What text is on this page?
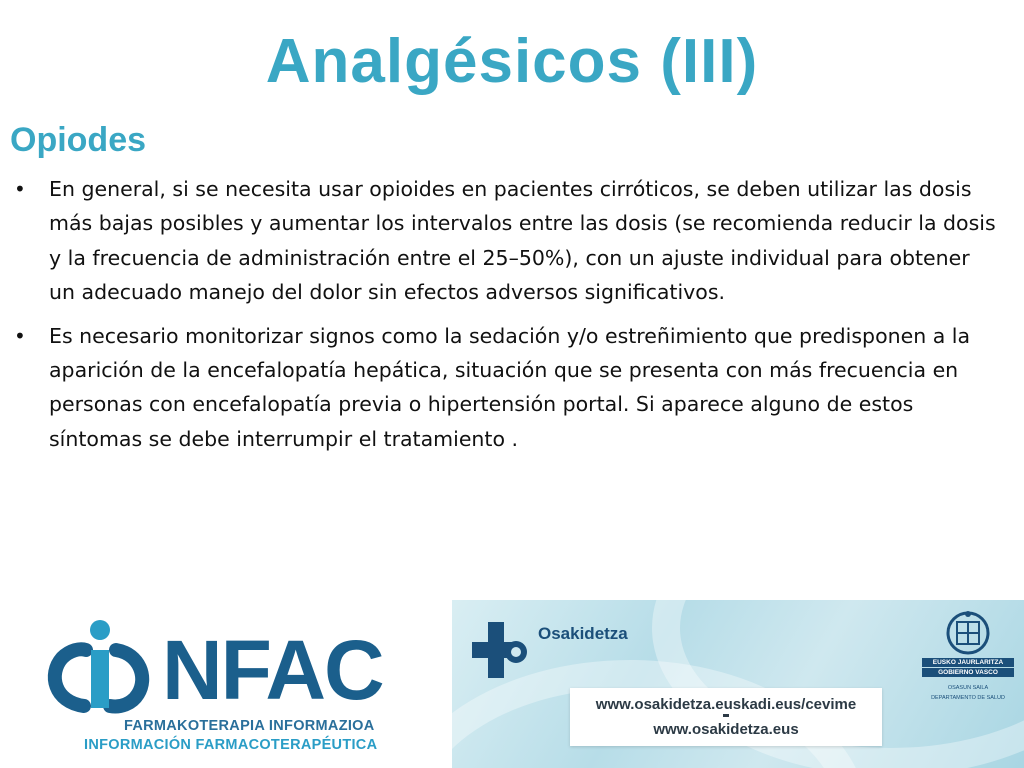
Analgésicos (III)
Opiodes
• En general, si se necesita usar opioides en pacientes cirróticos, se deben utilizar las dosis más bajas posibles y aumentar los intervalos entre las dosis (se recomienda reducir la dosis y la frecuencia de administración entre el 25–50%), con un ajuste individual para obtener un adecuado manejo del dolor sin efectos adversos significativos.
• Es necesario monitorizar signos como la sedación y/o estreñimiento que predisponen a la aparición de la encefalopatía hepática, situación que se presenta con más frecuencia en personas con encefalopatía previa o hipertensión portal. Si aparece alguno de estos síntomas se debe interrumpir el tratamiento .
NFAC
FARMAKOTERAPIA INFORMAZIOA
INFORMACIÓN FARMACOTERAPÉUTICA
Osakidetza
www.osakidetza.euskadi.eus/cevime
www.osakidetza.eus
EUSKO JAURLARITZA
GOBIERNO VASCO
OSASUN SAILA
DEPARTAMENTO DE SALUD
